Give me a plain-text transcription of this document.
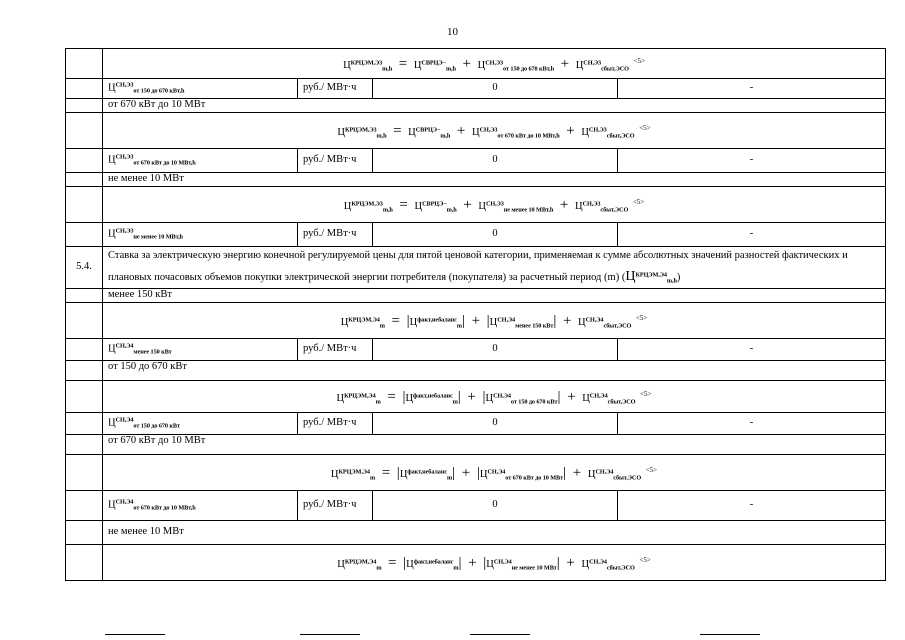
10
	$Ц^{КРЦЭМ,Э3}_{m,h} = Ц^{СВРЦЭ-}_{m,h} + Ц^{СН,Э3}_{от 150 до 670 кВт,h} + Ц^{СН,Э3}_{сбыт,ЭСО}$ $^{<5>}$
	$Ц^{СН,Э3}_{от 150 до 670 кВт,h}$	руб./ МВт·ч	0	-
	от 670 кВт до 10 МВт			
	$Ц^{КРЦЭМ,Э3}_{m,h} = Ц^{СВРЦЭ-}_{m,h} + Ц^{СН,Э3}_{от 670 кВт до 10 МВт,h} + Ц^{СН,Э3}_{сбыт,ЭСО}$ $^{<5>}$
	$Ц^{СН,Э3}_{от 670 кВт до 10 МВт,h}$	руб./ МВт·ч	0	-
	не менее 10 МВт			
	$Ц^{КРЦЭМ,Э3}_{m,h} = Ц^{СВРЦЭ-}_{m,h} + Ц^{СН,Э3}_{не менее 10 МВт,h} + Ц^{СН,Э3}_{сбыт,ЭСО}$ $^{<5>}$
	$Ц^{СН,Э3}_{не менее 10 МВт,h}$	руб./ МВт·ч	0	-
5.4.	Ставка за электрическую энергию конечной регулируемой цены для пятой ценовой категории, применяемая к сумме абсолютных значений разностей фактических и плановых почасовых объемов покупки электрической энергии потребителя (покупателя) за расчетный период (m) $(Ц^{КРЦЭМ,Э4}_{m,h})$			
	менее 150 кВт			
	$Ц^{КРЦЭМ,Э4}_m = |Ц^{факт,небаланс}_m| + |Ц^{СН,Э4}_{менее 150 кВт}| + Ц^{СН,Э4}_{сбыт,ЭСО}$ $^{<5>}$
	$Ц^{СН,Э4}_{менее 150 кВт}$	руб./ МВт·ч	0	-
	от 150 до 670 кВт			
	$Ц^{КРЦЭМ,Э4}_m = |Ц^{факт,небаланс}_m| + |Ц^{СН,Э4}_{от 150 до 670 кВт}| + Ц^{СН,Э4}_{сбыт,ЭСО}$ $^{<5>}$
	$Ц^{СН,Э4}_{от 150 до 670 кВт}$	руб./ МВт·ч	0	-
	от 670 кВт до 10 МВт			
	$Ц^{КРЦЭМ,Э4}_m = |Ц^{факт,небаланс}_m| + |Ц^{СН,Э4}_{от 670 кВт до 10 МВт}| + Ц^{СН,Э4}_{сбыт,ЭСО}$ $^{<5>}$
	$Ц^{СН,Э4}_{от 670 кВт до 10 МВт,h}$	руб./ МВт·ч	0	-
	не менее 10 МВт			
	$Ц^{КРЦЭМ,Э4}_m = |Ц^{факт,небаланс}_m| + |Ц^{СН,Э4}_{не менее 10 МВт}| + Ц^{СН,Э4}_{сбыт,ЭСО}$ $^{<5>}$
